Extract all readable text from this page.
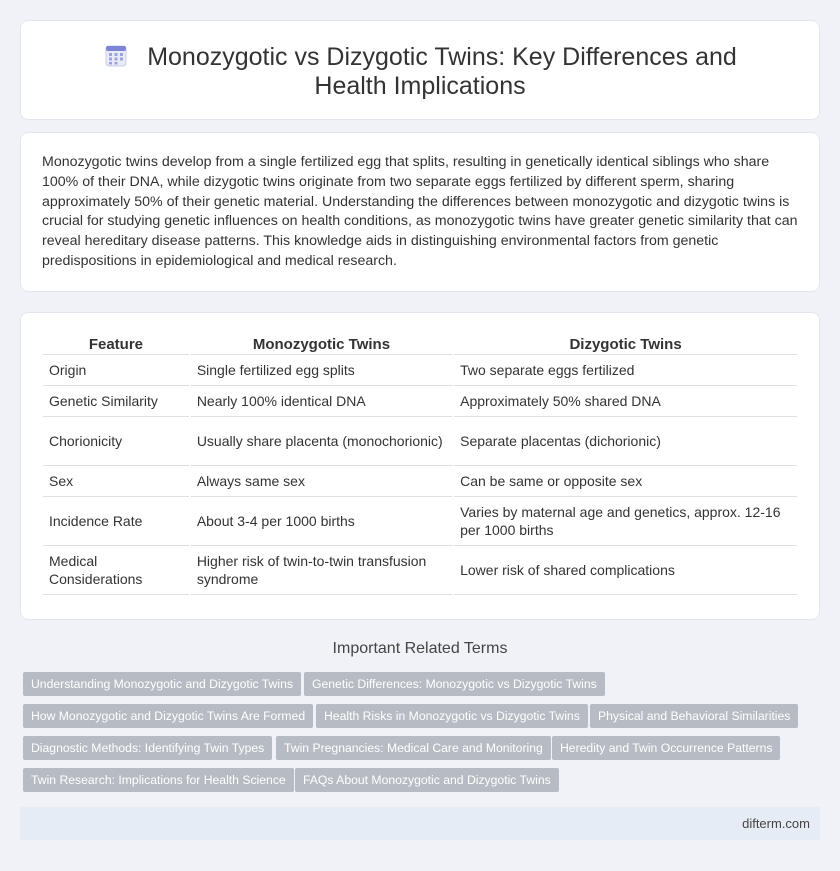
Monozygotic vs Dizygotic Twins: Key Differences and Health Implications

Monozygotic twins develop from a single fertilized egg that splits, resulting in genetically identical siblings who share 100% of their DNA, while dizygotic twins originate from two separate eggs fertilized by different sperm, sharing approximately 50% of their genetic material. Understanding the differences between monozygotic and dizygotic twins is crucial for studying genetic influences on health conditions, as monozygotic twins have greater genetic similarity that can reveal hereditary disease patterns. This knowledge aids in distinguishing environmental factors from genetic predispositions in epidemiological and medical research.

Feature	Monozygotic Twins	Dizygotic Twins
Origin	Single fertilized egg splits	Two separate eggs fertilized
Genetic Similarity	Nearly 100% identical DNA	Approximately 50% shared DNA
Chorionicity	Usually share placenta (monochorionic)	Separate placentas (dichorionic)
Sex	Always same sex	Can be same or opposite sex
Incidence Rate	About 3-4 per 1000 births	Varies by maternal age and genetics, approx. 12-16 per 1000 births
Medical Considerations	Higher risk of twin-to-twin transfusion syndrome	Lower risk of shared complications
Important Related Terms
Understanding Monozygotic and Dizygotic Twins	Genetic Differences: Monozygotic vs Dizygotic Twins
How Monozygotic and Dizygotic Twins Are Formed	Health Risks in Monozygotic vs Dizygotic Twins	Physical and Behavioral Similarities
Diagnostic Methods: Identifying Twin Types	Twin Pregnancies: Medical Care and Monitoring	Heredity and Twin Occurrence Patterns
Twin Research: Implications for Health Science	FAQs About Monozygotic and Dizygotic Twins
difterm.com
